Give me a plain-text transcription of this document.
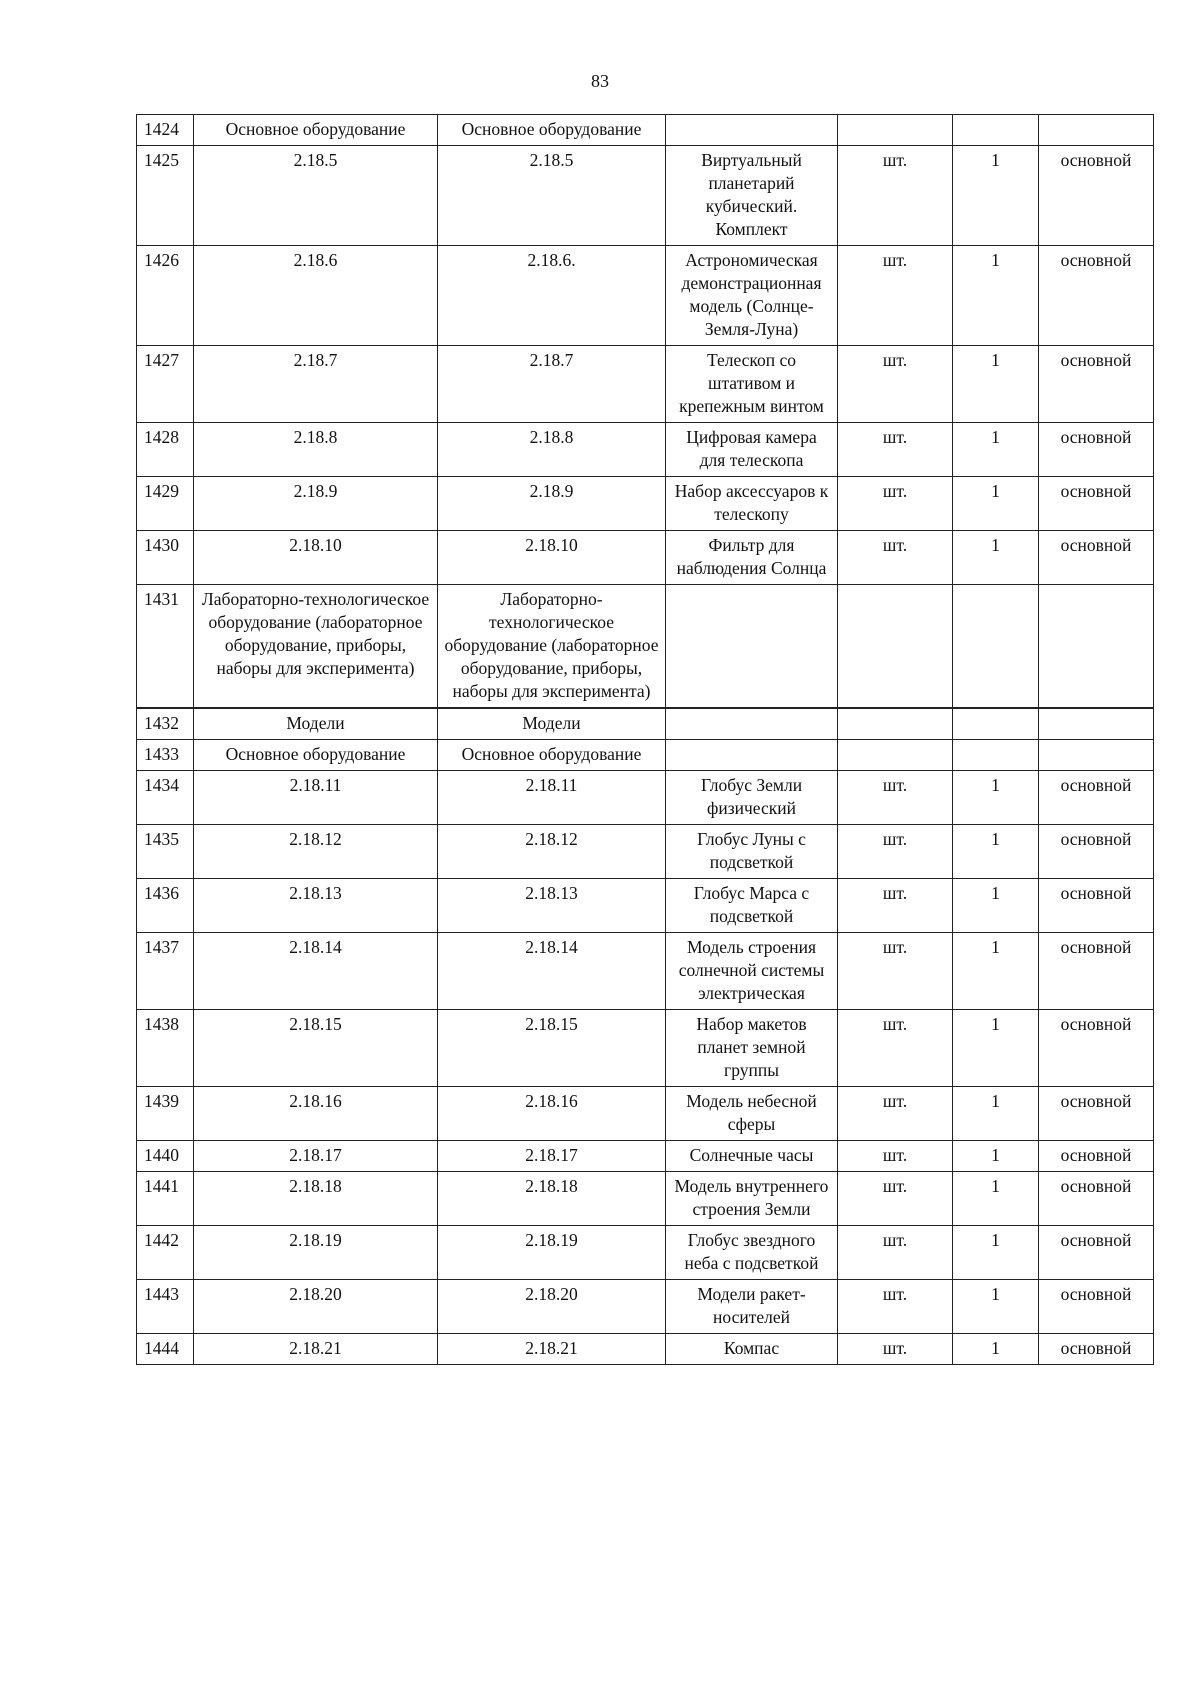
83
1424	Основное оборудование	Основное оборудование				
1425	2.18.5	2.18.5	Виртуальный планетарий кубический. Комплект	шт.	1	основной
1426	2.18.6	2.18.6.	Астрономическая демонстрационная модель (Солнце-Земля-Луна)	шт.	1	основной
1427	2.18.7	2.18.7	Телескоп со штативом и крепежным винтом	шт.	1	основной
1428	2.18.8	2.18.8	Цифровая камера для телескопа	шт.	1	основной
1429	2.18.9	2.18.9	Набор аксессуаров к телескопу	шт.	1	основной
1430	2.18.10	2.18.10	Фильтр для наблюдения Солнца	шт.	1	основной
1431	Лабораторно-технологическое оборудование (лабораторное оборудование, приборы, наборы для эксперимента)	Лабораторно-технологическое оборудование (лабораторное оборудование, приборы, наборы для эксперимента)				
1432	Модели	Модели				
1433	Основное оборудование	Основное оборудование				
1434	2.18.11	2.18.11	Глобус Земли физический	шт.	1	основной
1435	2.18.12	2.18.12	Глобус Луны с подсветкой	шт.	1	основной
1436	2.18.13	2.18.13	Глобус Марса с подсветкой	шт.	1	основной
1437	2.18.14	2.18.14	Модель строения солнечной системы электрическая	шт.	1	основной
1438	2.18.15	2.18.15	Набор макетов планет земной группы	шт.	1	основной
1439	2.18.16	2.18.16	Модель небесной сферы	шт.	1	основной
1440	2.18.17	2.18.17	Солнечные часы	шт.	1	основной
1441	2.18.18	2.18.18	Модель внутреннего строения Земли	шт.	1	основной
1442	2.18.19	2.18.19	Глобус звездного неба с подсветкой	шт.	1	основной
1443	2.18.20	2.18.20	Модели ракет-носителей	шт.	1	основной
1444	2.18.21	2.18.21	Компас	шт.	1	основной
